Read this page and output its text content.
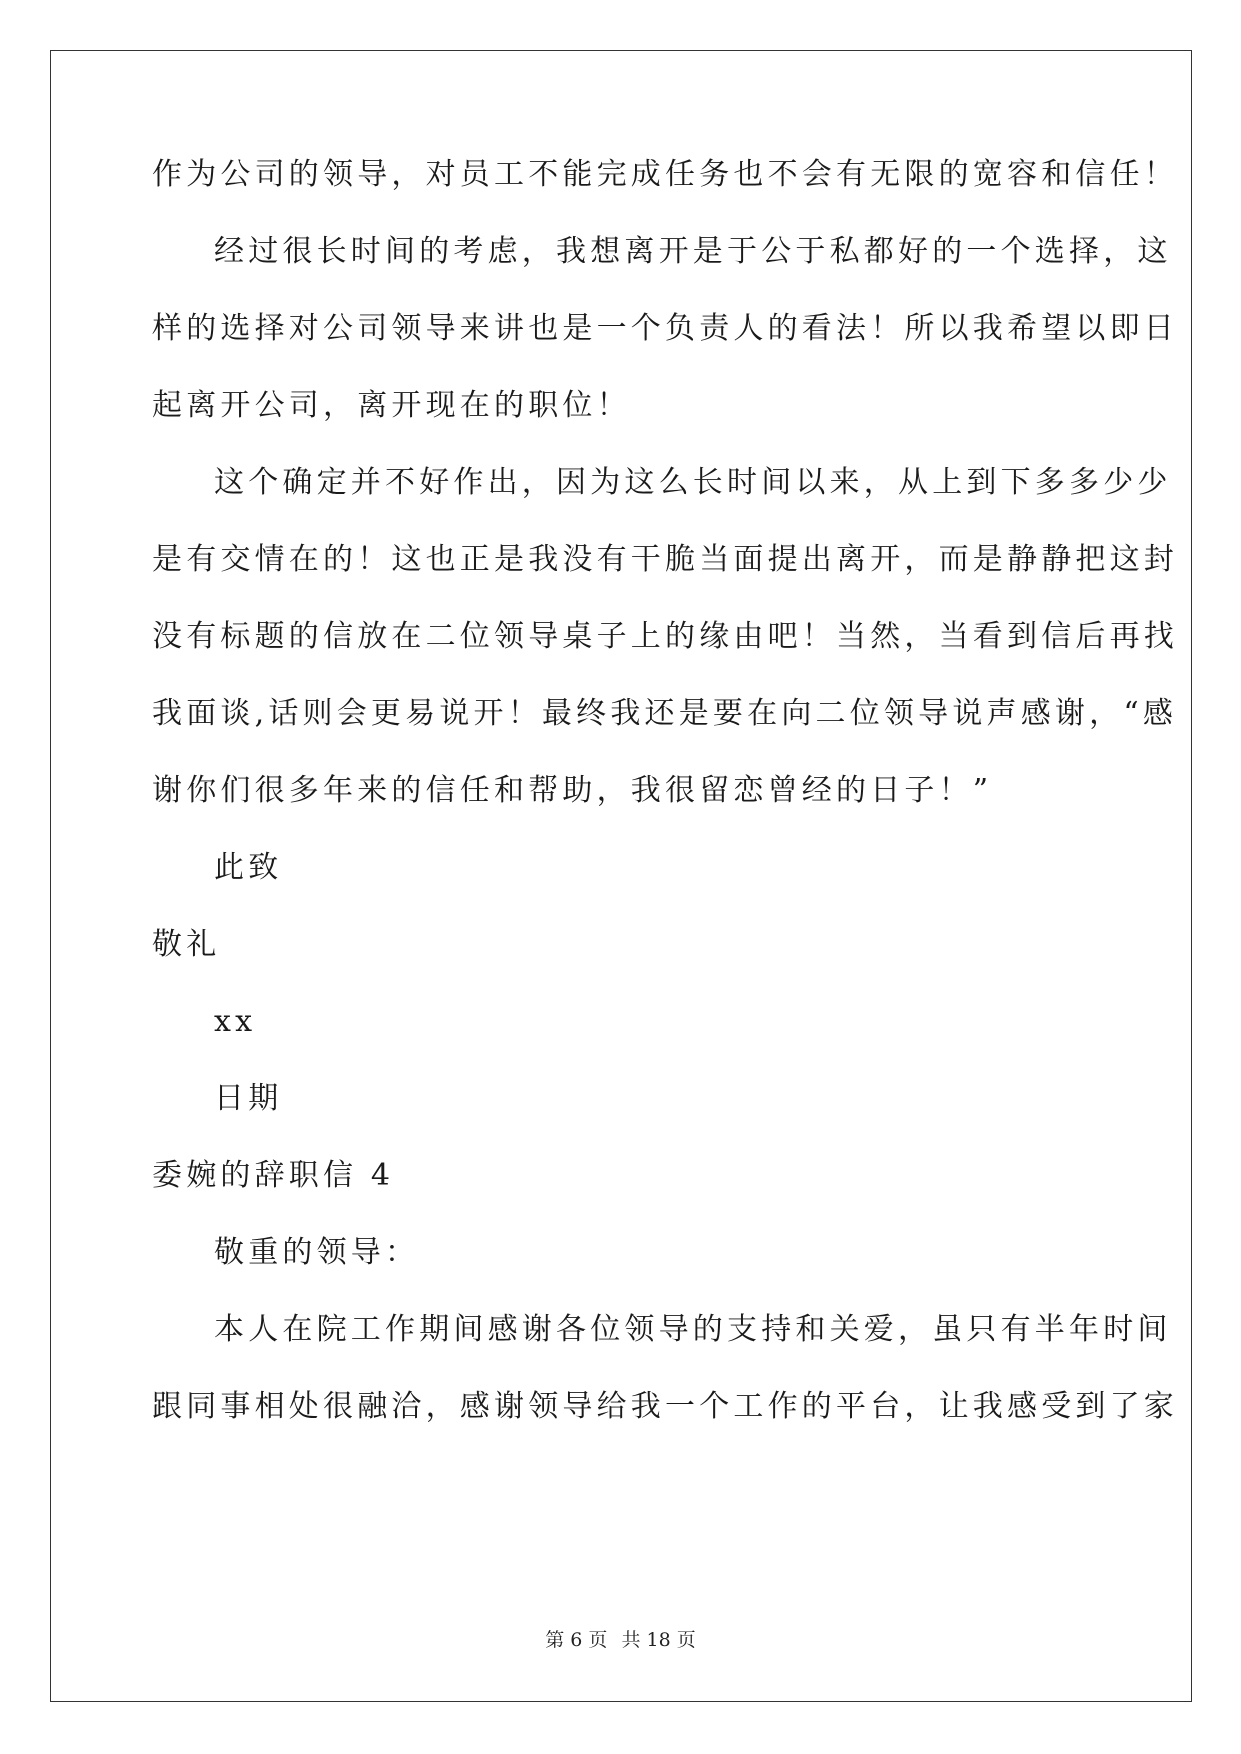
作为公司的领导，对员工不能完成任务也不会有无限的宽容和信任！
经过很长时间的考虑，我想离开是于公于私都好的一个选择，这
样的选择对公司领导来讲也是一个负责人的看法！所以我希望以即日
起离开公司，离开现在的职位！
这个确定并不好作出，因为这么长时间以来，从上到下多多少少
是有交情在的！这也正是我没有干脆当面提出离开，而是静静把这封
没有标题的信放在二位领导桌子上的缘由吧！当然，当看到信后再找
我面谈,话则会更易说开！最终我还是要在向二位领导说声感谢，“感
谢你们很多年来的信任和帮助，我很留恋曾经的日子！”
此致
敬礼
xx
日期
委婉的辞职信 4
敬重的领导：
本人在院工作期间感谢各位领导的支持和关爱，虽只有半年时间
跟同事相处很融洽，感谢领导给我一个工作的平台，让我感受到了家
第 6 页 共 18 页
